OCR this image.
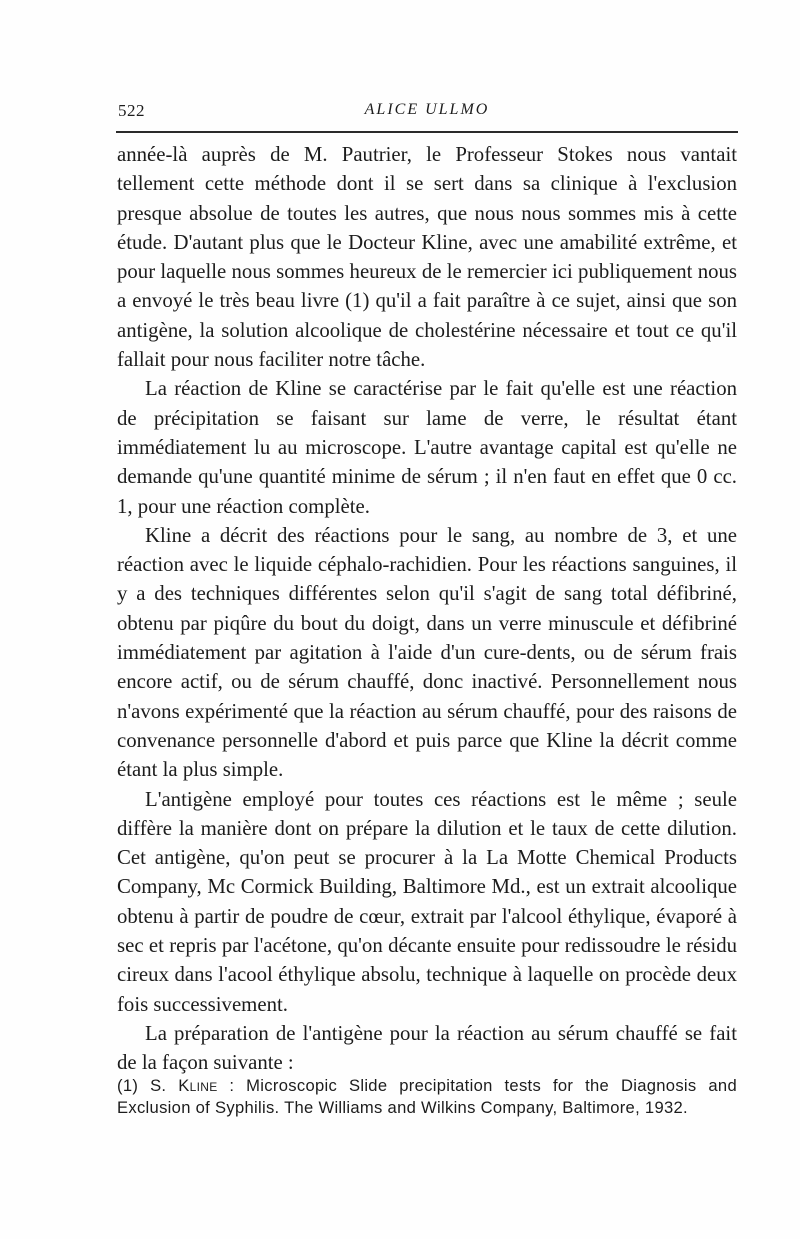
522	ALICE ULLMO

année-là auprès de M. Pautrier, le Professeur Stokes nous vantait tellement cette méthode dont il se sert dans sa clinique à l'exclusion presque absolue de toutes les autres, que nous nous sommes mis à cette étude. D'autant plus que le Docteur Kline, avec une amabilité extrême, et pour laquelle nous sommes heureux de le remercier ici publiquement nous a envoyé le très beau livre (1) qu'il a fait paraître à ce sujet, ainsi que son antigène, la solution alcoolique de cholestérine nécessaire et tout ce qu'il fallait pour nous faciliter notre tâche.

La réaction de Kline se caractérise par le fait qu'elle est une réaction de précipitation se faisant sur lame de verre, le résultat étant immédiatement lu au microscope. L'autre avantage capital est qu'elle ne demande qu'une quantité minime de sérum ; il n'en faut en effet que 0 cc. 1, pour une réaction complète.

Kline a décrit des réactions pour le sang, au nombre de 3, et une réaction avec le liquide céphalo-rachidien. Pour les réactions sanguines, il y a des techniques différentes selon qu'il s'agit de sang total défibriné, obtenu par piqûre du bout du doigt, dans un verre minuscule et défibriné immédiatement par agitation à l'aide d'un cure-dents, ou de sérum frais encore actif, ou de sérum chauffé, donc inactivé. Personnellement nous n'avons expérimenté que la réaction au sérum chauffé, pour des raisons de convenance personnelle d'abord et puis parce que Kline la décrit comme étant la plus simple.

L'antigène employé pour toutes ces réactions est le même ; seule diffère la manière dont on prépare la dilution et le taux de cette dilution. Cet antigène, qu'on peut se procurer à la La Motte Chemical Products Company, Mc Cormick Building, Baltimore Md., est un extrait alcoolique obtenu à partir de poudre de cœur, extrait par l'alcool éthylique, évaporé à sec et repris par l'acétone, qu'on décante ensuite pour redissoudre le résidu cireux dans l'acool éthylique absolu, technique à laquelle on procède deux fois successivement.

La préparation de l'antigène pour la réaction au sérum chauffé se fait de la façon suivante :

(1) S. Kline : Microscopic Slide precipitation tests for the Diagnosis and Exclusion of Syphilis. The Williams and Wilkins Company, Baltimore, 1932.
